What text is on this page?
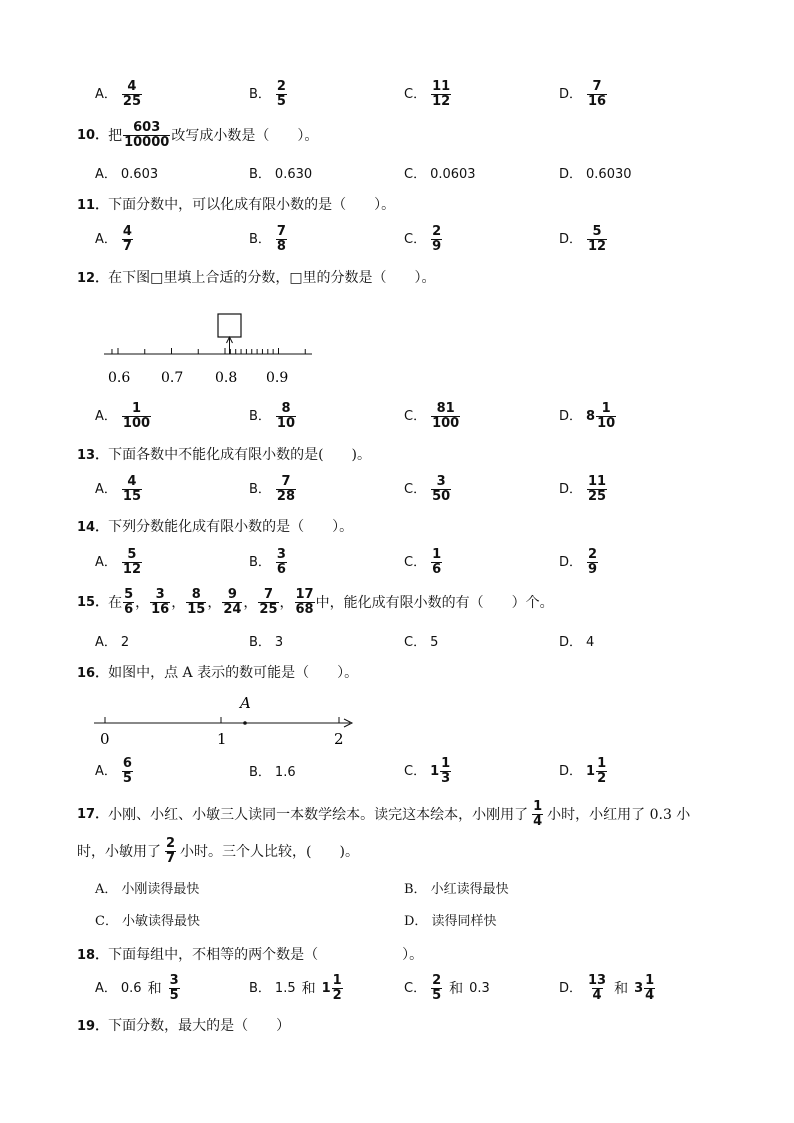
A． $\frac{4}{25}$	B． $\frac{2}{5}$	C． $\frac{11}{12}$	D． $\frac{7}{16}$
10． 把 $\frac{603}{10000}$ 改写成小数是（　　）。
A． 0.603	B． 0.630	C． 0.0603	D． 0.6030
11．下面分数中，可以化成有限小数的是（　　）。
A． $\frac{4}{7}$	B． $\frac{7}{8}$	C． $\frac{2}{9}$	D． $\frac{5}{12}$
12．在下图□里填上合适的分数，□里的分数是（　　）。
0.6 0.7 0.8 0.9
A． $\frac{1}{100}$	B． $\frac{8}{10}$	C． $\frac{81}{100}$	D． $8 \frac{1}{10}$
13．下面各数中不能化成有限小数的是(　　)。
A． $\frac{4}{15}$	B． $\frac{7}{28}$	C． $\frac{3}{50}$	D． $\frac{11}{25}$
14．下列分数能化成有限小数的是（　　）。
A． $\frac{5}{12}$	B． $\frac{3}{6}$	C． $\frac{1}{6}$	D． $\frac{2}{9}$
15． 在 $\frac{5}{6}$ ， $\frac{3}{16}$ ， $\frac{8}{15}$ ， $\frac{9}{24}$ ， $\frac{7}{25}$ ， $\frac{17}{68}$ 中，能化成有限小数的有（　　）个。
A． 2	B． 3	C． 5	D． 4
16．如图中，点 A 表示的数可能是（　　）。
A
0	1	2
A． $\frac{6}{5}$	B． 1.6	C． $1 \frac{1}{3}$	D． $1 \frac{1}{2}$
17． 小刚、小红、小敏三人读同一本数学绘本。读完这本绘本，小刚用了 $\frac{1}{4}$ 小时，小红用了 0.3 小
时，小敏用了 $\frac{2}{7}$ 小时。三个人比较，(　　)。
A． 小刚读得最快	B． 小红读得最快
C． 小敏读得最快	D． 读得同样快
18．下面每组中，不相等的两个数是（　　　　　　）。
A． 0.6 和 $\frac{3}{5}$	B． 1.5 和 $1 \frac{1}{2}$	C． $\frac{2}{5}$ 和 0.3	D． $\frac{13}{4}$ 和 $3 \frac{1}{4}$
19．下面分数，最大的是（　　）
